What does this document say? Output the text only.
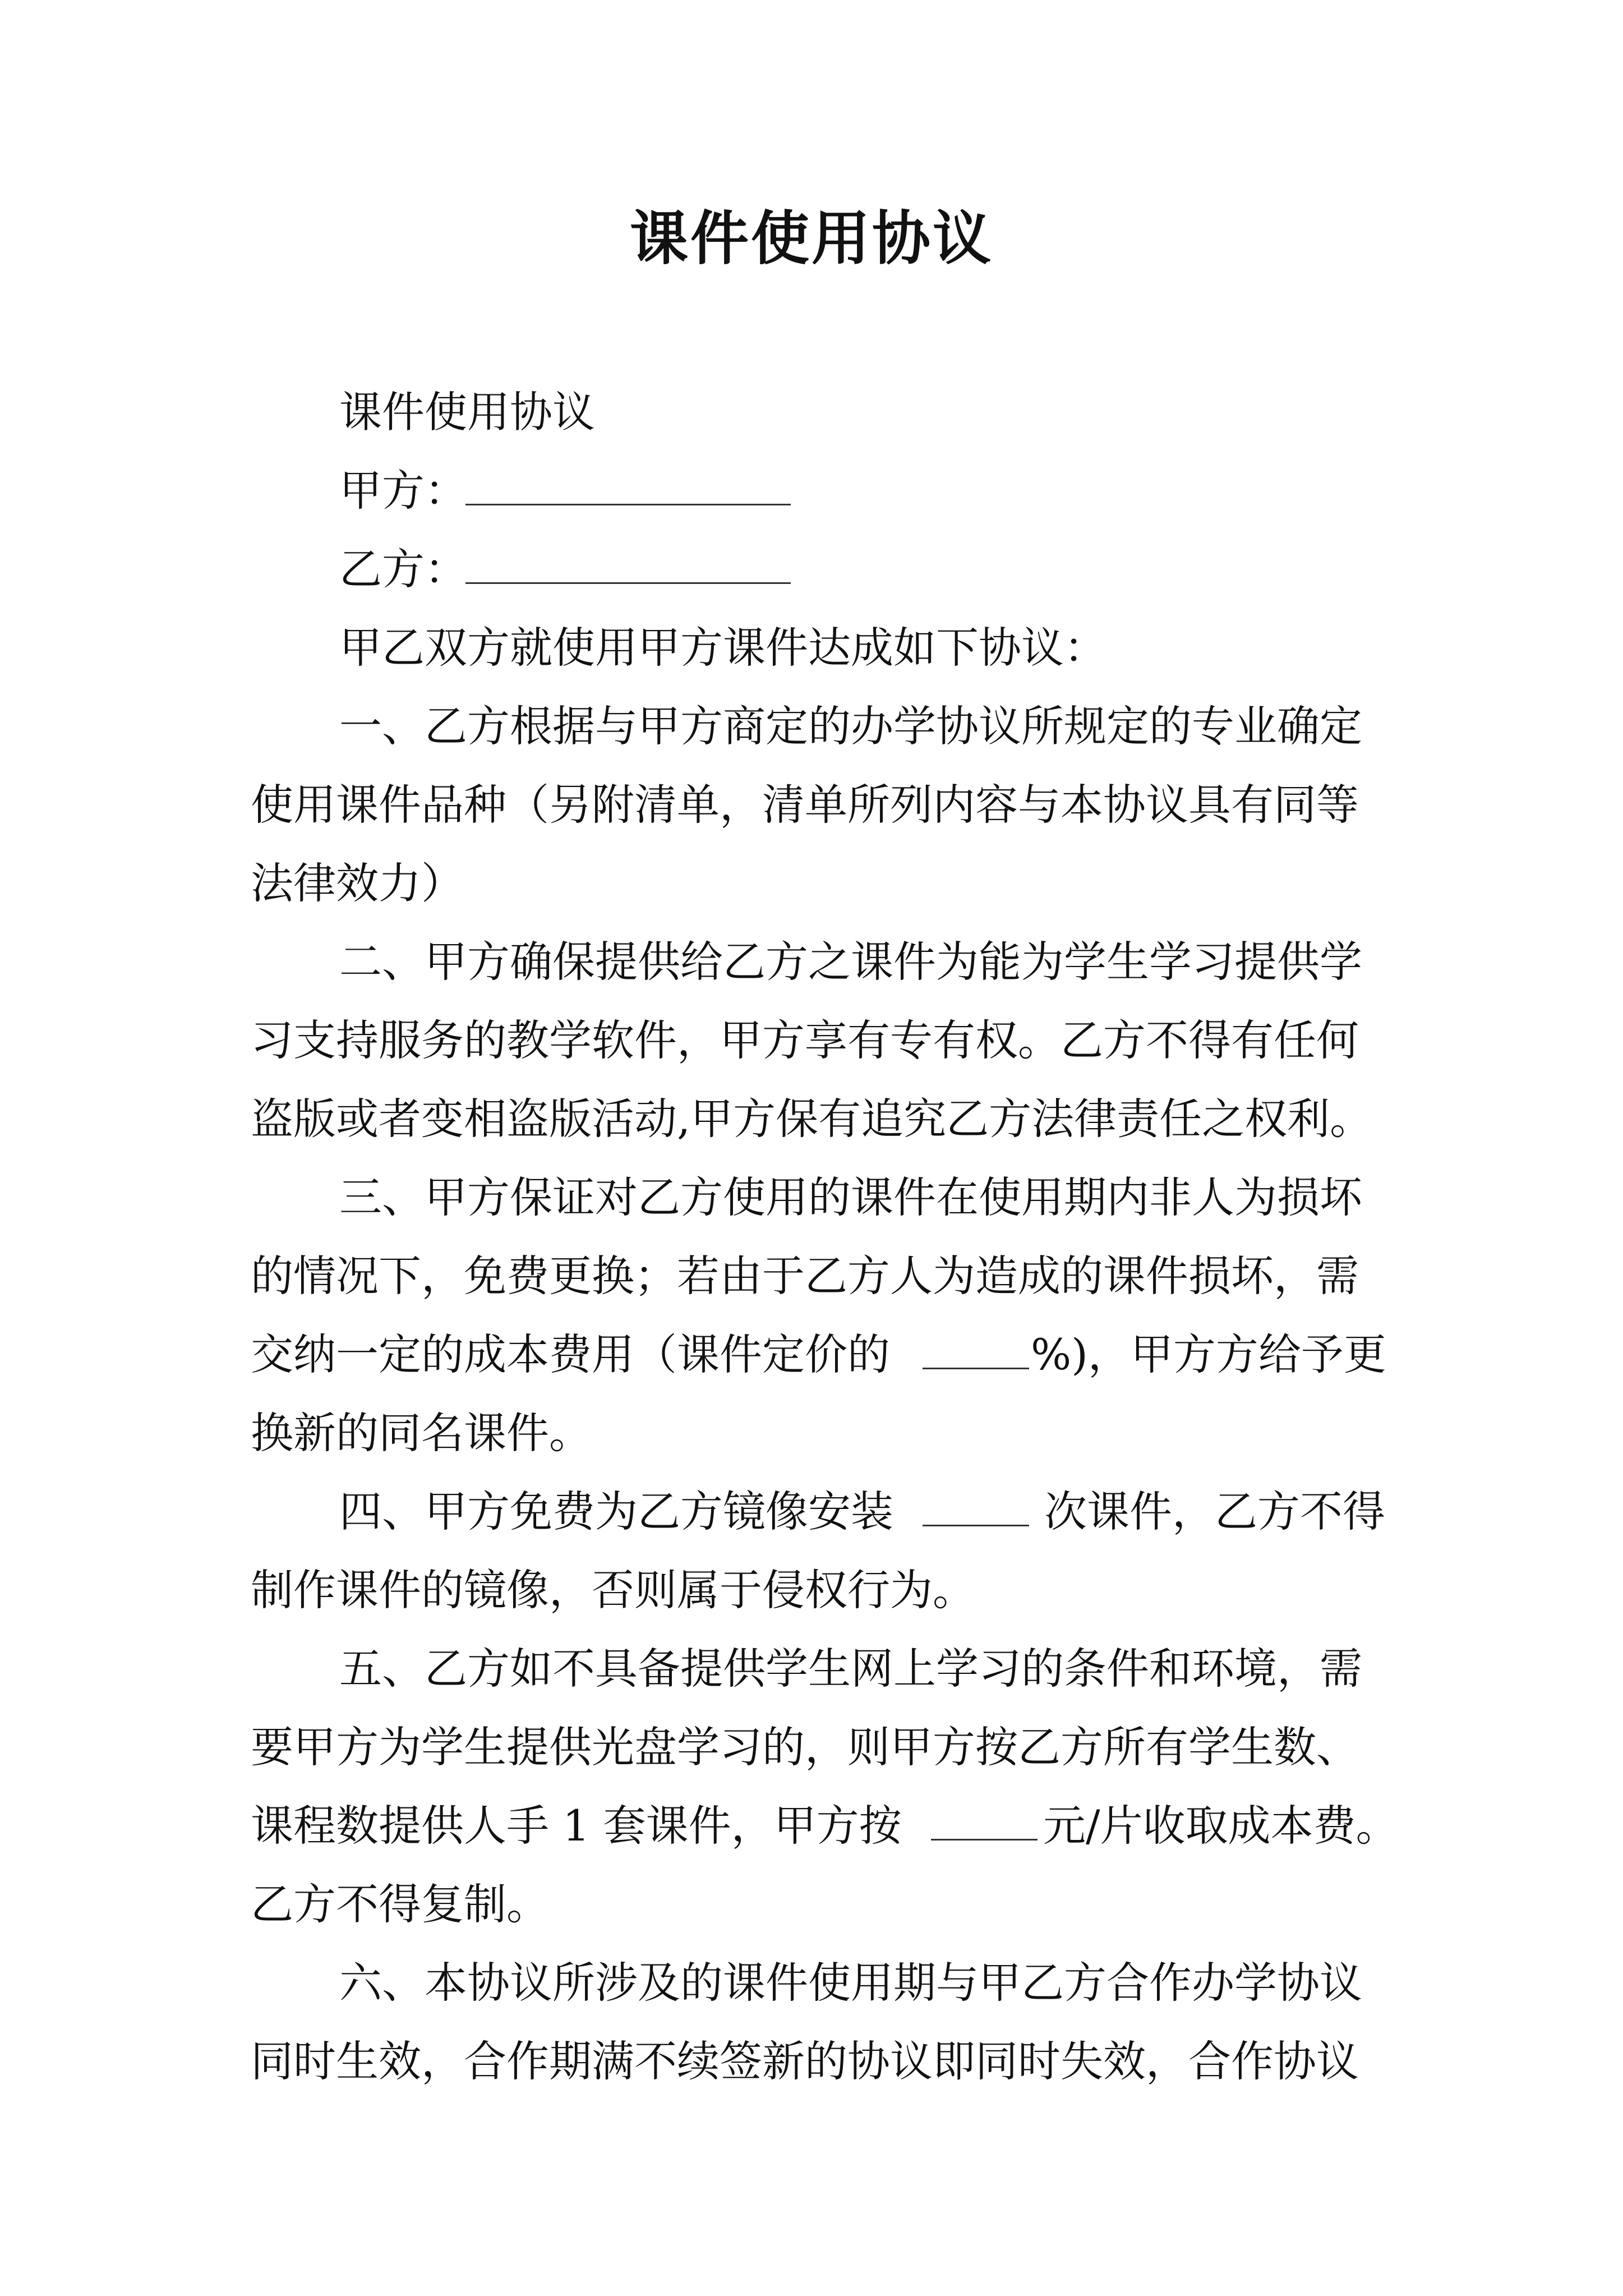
课件使用协议
课件使用协议
甲方：
乙方：
甲乙双方就使用甲方课件达成如下协议：
一、乙方根据与甲方商定的办学协议所规定的专业确定
使用课件品种（另附清单，清单所列内容与本协议具有同等
法律效力）
二、甲方确保提供给乙方之课件为能为学生学习提供学
习支持服务的教学软件，甲方享有专有权。乙方不得有任何
盗版或者变相盗版活动,甲方保有追究乙方法律责任之权利。
三、甲方保证对乙方使用的课件在使用期内非人为损坏
的情况下，免费更换；若由于乙方人为造成的课件损坏，需
交纳一定的成本费用（课件定价的	%)，甲方方给予更
换新的同名课件。
四、甲方免费为乙方镜像安装	次课件，乙方不得
制作课件的镜像，否则属于侵权行为。
五、乙方如不具备提供学生网上学习的条件和环境，需
要甲方为学生提供光盘学习的，则甲方按乙方所有学生数、
课程数提供人手 1 套课件，甲方按	元/片收取成本费。
乙方不得复制。
六、本协议所涉及的课件使用期与甲乙方合作办学协议
同时生效，合作期满不续签新的协议即同时失效，合作协议
